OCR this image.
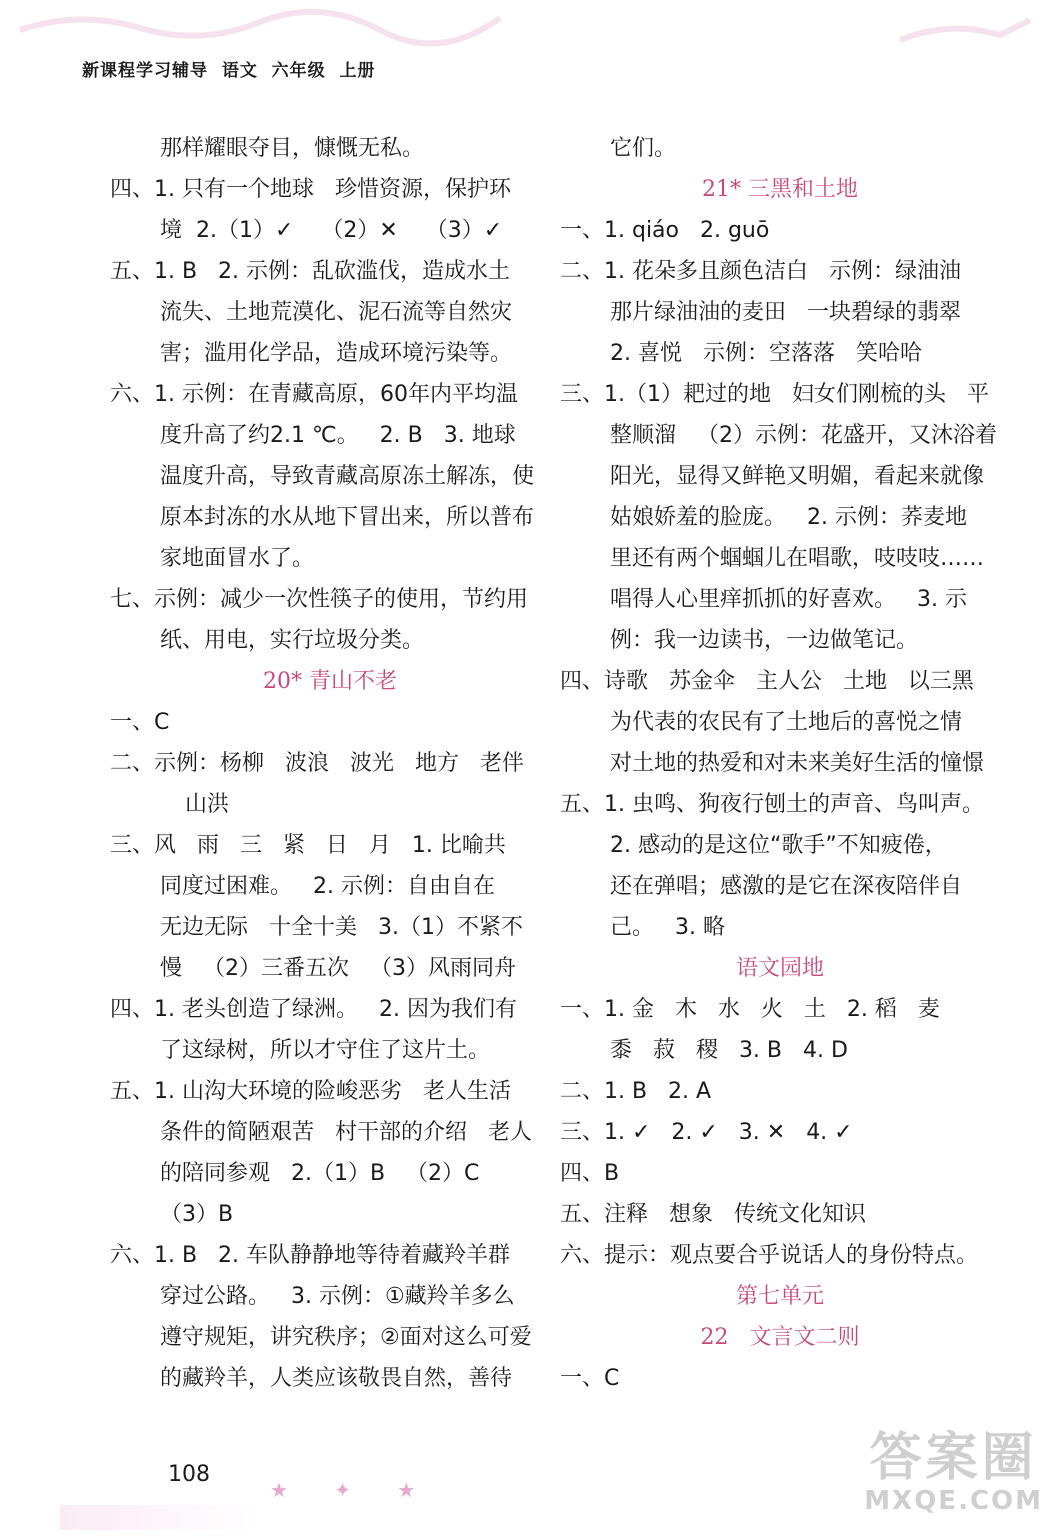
新课程学习辅导  语文  六年级  上册
那样耀眼夺目，慷慨无私。
四、1. 只有一个地球   珍惜资源，保护环
境  2.（1）✓    （2）✕    （3）✓
五、1. B   2. 示例：乱砍滥伐，造成水土
流失、土地荒漠化、泥石流等自然灾
害；滥用化学品，造成环境污染等。
六、1. 示例：在青藏高原，60年内平均温
度升高了约2.1 ℃。   2. B   3. 地球
温度升高，导致青藏高原冻土解冻，使
原本封冻的水从地下冒出来，所以普布
家地面冒水了。
七、示例：减少一次性筷子的使用，节约用
纸、用电，实行垃圾分类。
20* 青山不老
一、C
二、示例：杨柳   波浪   波光   地方   老伴
山洪
三、风   雨   三   紧   日   月   1. 比喻共
同度过困难。   2. 示例：自由自在
无边无际   十全十美   3.（1）不紧不
慢   （2）三番五次   （3）风雨同舟
四、1. 老头创造了绿洲。   2. 因为我们有
了这绿树，所以才守住了这片土。
五、1. 山沟大环境的险峻恶劣   老人生活
条件的简陋艰苦   村干部的介绍   老人
的陪同参观   2.（1）B   （2）C
（3）B
六、1. B   2. 车队静静地等待着藏羚羊群
穿过公路。   3. 示例：①藏羚羊多么
遵守规矩，讲究秩序；②面对这么可爱
的藏羚羊，人类应该敬畏自然，善待
它们。
21* 三黑和土地
一、1. qiáo   2. guō
二、1. 花朵多且颜色洁白   示例：绿油油
那片绿油油的麦田   一块碧绿的翡翠
2. 喜悦   示例：空落落   笑哈哈
三、1.（1）耙过的地   妇女们刚梳的头   平
整顺溜   （2）示例：花盛开，又沐浴着
阳光，显得又鲜艳又明媚，看起来就像
姑娘娇羞的脸庞。   2. 示例：荞麦地
里还有两个蝈蝈儿在唱歌，吱吱吱……
唱得人心里痒抓抓的好喜欢。   3. 示
例：我一边读书，一边做笔记。
四、诗歌   苏金伞   主人公   土地   以三黑
为代表的农民有了土地后的喜悦之情
对土地的热爱和对未来美好生活的憧憬
五、1. 虫鸣、狗夜行刨土的声音、鸟叫声。
2. 感动的是这位“歌手”不知疲倦，
还在弹唱；感激的是它在深夜陪伴自
己。   3. 略
语文园地
一、1. 金   木   水   火   土   2. 稻   麦
黍   菽   稷   3. B   4. D
二、1. B   2. A
三、1. ✓   2. ✓   3. ✕   4. ✓
四、B
五、注释   想象   传统文化知识
六、提示：观点要合乎说话人的身份特点。
第七单元
22   文言文二则
一、C
108
★ ✦ ★
答案圈
MXQE.COM
